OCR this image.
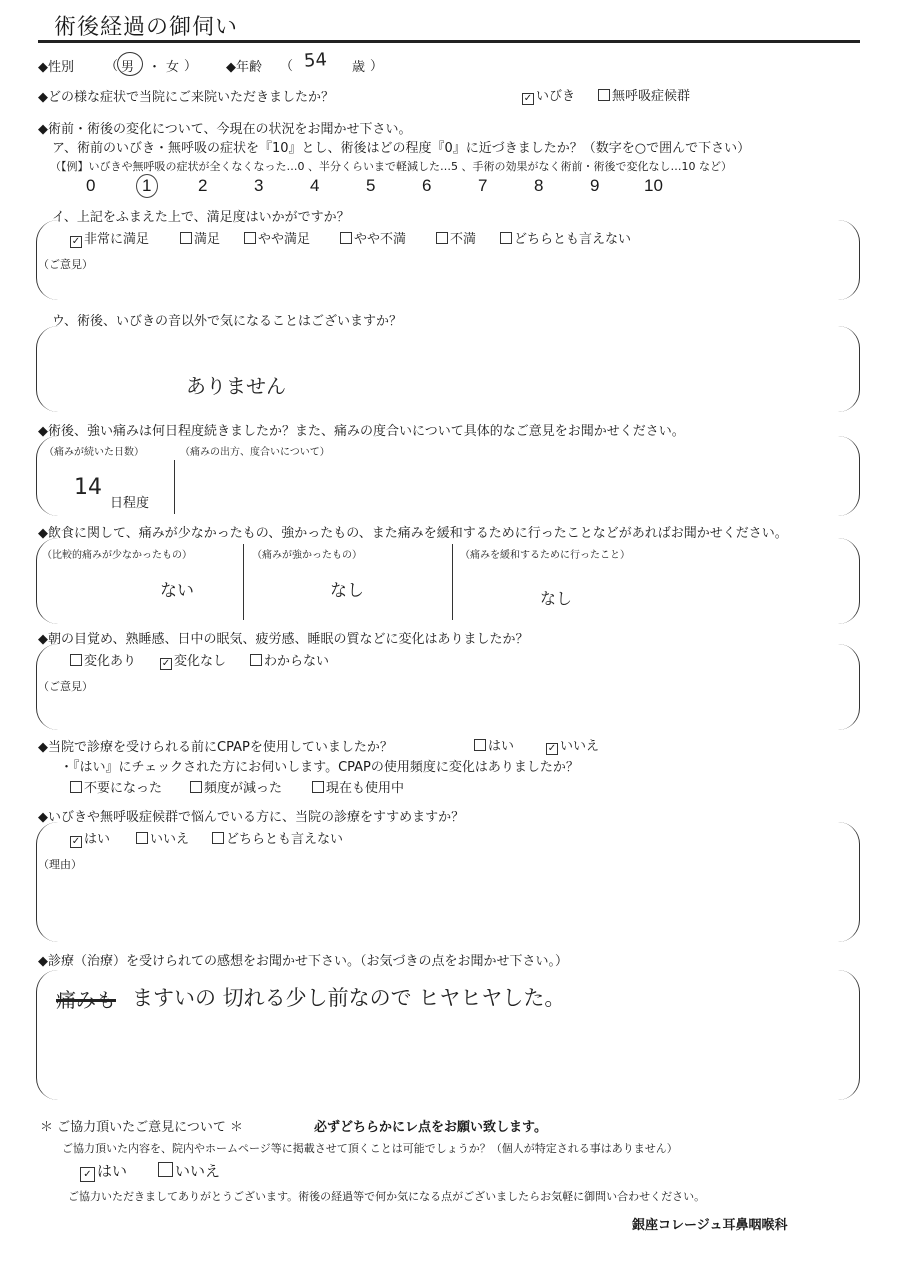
術後経過の御伺い
◆性別 （ 男 ・ 女 ） ◆年齢 （ 54 歳 ）
◆どの様な症状で当院にご来院いただきましたか？	✓ いびき	無呼吸症候群
◆術前・術後の変化について、今現在の状況をお聞かせ下さい。
ア、術前のいびき・無呼吸の症状を『10』とし、術後はどの程度『0』に近づきましたか？（数字を○で囲んで下さい）
（【例】いびきや無呼吸の症状が全くなくなった…0 、半分くらいまで軽減した…5 、手術の効果がなく術前・術後で変化なし…10 など）
0	1	2	3	4	5	6	7	8	9	10
イ、上記をふまえた上で、満足度はいかがですか？
✓ 非常に満足	満足	やや満足	やや不満	不満	どちらとも言えない
（ご意見）
ウ、術後、いびきの音以外で気になることはございますか？
ありません
◆術後、強い痛みは何日程度続きましたか？また、痛みの度合いについて具体的なご意見をお聞かせください。
（痛みが続いた日数）	（痛みの出方、度合いについて）
14
日程度
◆飲食に関して、痛みが少なかったもの、強かったもの、また痛みを緩和するために行ったことなどがあればお聞かせください。
（比較的痛みが少なかったもの）	（痛みが強かったもの）	（痛みを緩和するために行ったこと）
ない	なし	なし
◆朝の目覚め、熟睡感、日中の眠気、疲労感、睡眠の質などに変化はありましたか？
変化あり	✓ 変化なし	わからない
（ご意見）
◆当院で診療を受けられる前にCPAPを使用していましたか？	はい	✓ いいえ
・『はい』にチェックされた方にお伺いします。CPAPの使用頻度に変化はありましたか？
不要になった	頻度が減った	現在も使用中
◆いびきや無呼吸症候群で悩んでいる方に、当院の診療をすすめますか？
✓ はい	いいえ	どちらとも言えない
（理由）
◆診療（治療）を受けられての感想をお聞かせ下さい。（お気づきの点をお聞かせ下さい。）
痛みも ますいの 切れる少し前なので ヒヤヒヤした。
＊ ご協力頂いたご意見について ＊	必ずどちらかにレ点をお願い致します。
ご協力頂いた内容を、院内やホームページ等に掲載させて頂くことは可能でしょうか？（個人が特定される事はありません）
✓ はい	いいえ
ご協力いただきましてありがとうございます。術後の経過等で何か気になる点がございましたらお気軽に御問い合わせください。
銀座コレージュ耳鼻咽喉科
